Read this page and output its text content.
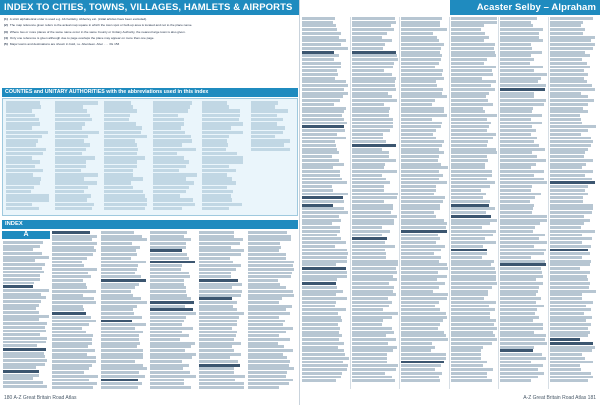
INDEX TO CITIES, TOWNS, VILLAGES, HAMLETS & AIRPORTS

(1) A strict alphabetical order is used e.g. Ab Kettleby, Abberley etc. (initial articles have been excluded).

(2) The map reference given refers to the actual map square in which the town spot or built-up area is located and not to the place name.

(3) Where two or more places of the same name occur in the same County or Unitary Authority, the nearest large town is also given.

(4) Only one reference is given although due to page overlaps the place may appear on more than one page.

(5) Major towns and destinations are shown in bold, i.e. Aberdeen. Aber . . . 3G 153

COUNTIES and UNITARY AUTHORITIES with the abbreviations used in this index
INDEX
A
180 A-Z Great Britain Road Atlas
Acaster Selby – Alpraham
A-Z Great Britain Road Atlas 181
